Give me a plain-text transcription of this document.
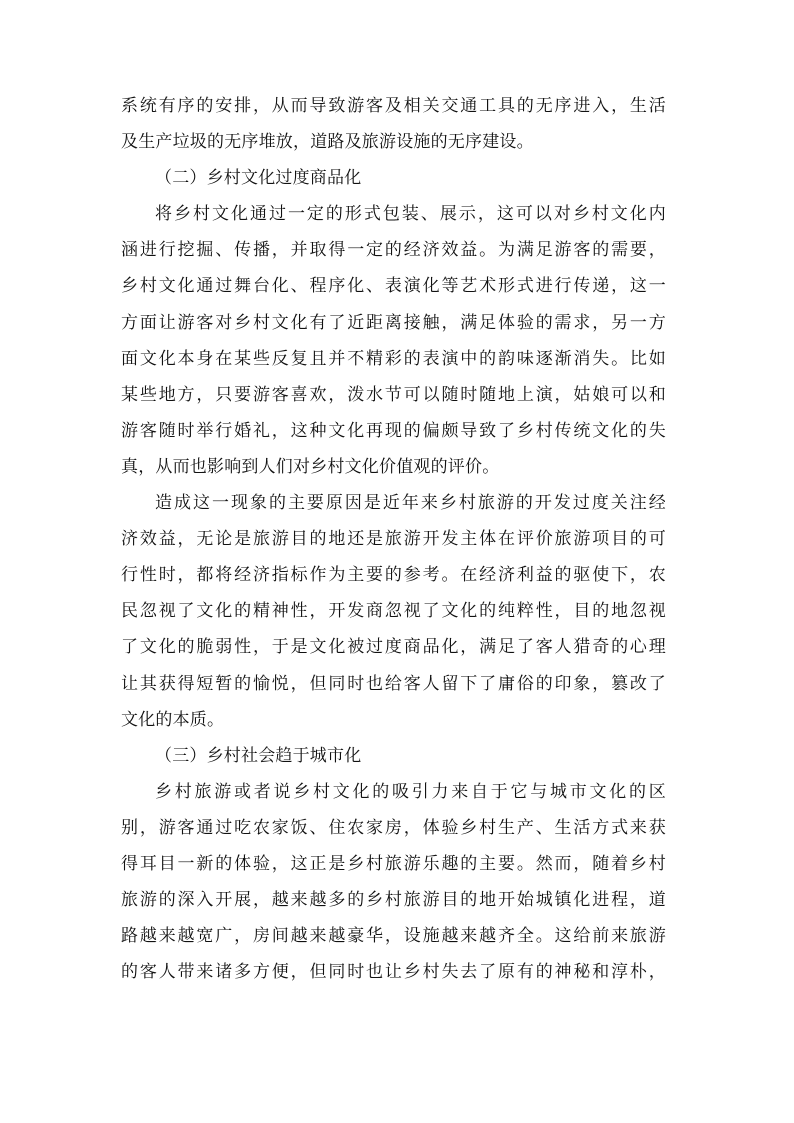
系统有序的安排，从而导致游客及相关交通工具的无序进入，生活
及生产垃圾的无序堆放，道路及旅游设施的无序建设。
（二）乡村文化过度商品化
将乡村文化通过一定的形式包装、展示，这可以对乡村文化内
涵进行挖掘、传播，并取得一定的经济效益。为满足游客的需要，
乡村文化通过舞台化、程序化、表演化等艺术形式进行传递，这一
方面让游客对乡村文化有了近距离接触，满足体验的需求，另一方
面文化本身在某些反复且并不精彩的表演中的韵味逐渐消失。比如
某些地方，只要游客喜欢，泼水节可以随时随地上演，姑娘可以和
游客随时举行婚礼，这种文化再现的偏颇导致了乡村传统文化的失
真，从而也影响到人们对乡村文化价值观的评价。
造成这一现象的主要原因是近年来乡村旅游的开发过度关注经
济效益，无论是旅游目的地还是旅游开发主体在评价旅游项目的可
行性时，都将经济指标作为主要的参考。在经济利益的驱使下，农
民忽视了文化的精神性，开发商忽视了文化的纯粹性，目的地忽视
了文化的脆弱性，于是文化被过度商品化，满足了客人猎奇的心理
让其获得短暂的愉悦，但同时也给客人留下了庸俗的印象，篡改了
文化的本质。
（三）乡村社会趋于城市化
乡村旅游或者说乡村文化的吸引力来自于它与城市文化的区
别，游客通过吃农家饭、住农家房，体验乡村生产、生活方式来获
得耳目一新的体验，这正是乡村旅游乐趣的主要。然而，随着乡村
旅游的深入开展，越来越多的乡村旅游目的地开始城镇化进程，道
路越来越宽广，房间越来越豪华，设施越来越齐全。这给前来旅游
的客人带来诸多方便，但同时也让乡村失去了原有的神秘和淳朴，
